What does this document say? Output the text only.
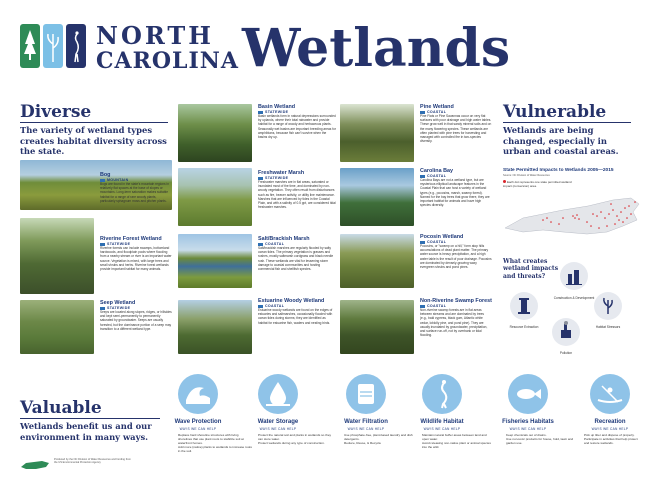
NORTH
CAROLINA Wetlands
Diverse
The variety of wetland types creates habitat diversity across the state.
Bog
MOUNTAIN
Bogs are found in the state's mountain regions in relatively flat spaces at the base of slopes or mountains. Long-term saturation makes suitable habitat for a range of rare woody plants, particularly sphagnum moss and pitcher plants.
Riverine Forest Wetland
STATEWIDE
Riverine forests can include swamps, bottomland hardwoods, and floodplain pools where flooding from a nearby stream or river is an important water source. Vegetation is mixed, with large trees and small shrubs and herbs. Riverine forest wetlands provide important habitat for many animals.
Seep Wetland
STATEWIDE
Seeps are located along slopes, ridges, or hillsides and kept semi-permanently to permanently saturated by groundwater. Seeps are usually forested, but the dominance portion of a seep may transition to a different wetland type.
Basin Wetland
STATEWIDE
Basin wetlands form in natural depressions surrounded by uplands, where their total rainwater and provide habitat for a range of woody and herbaceous plants. Seasonally wet basins are important breeding areas for amphibians, because fish can't survive when the basins dry up.
Freshwater Marsh
STATEWIDE
Freshwater marshes are in flat areas, saturated or inundated most of the time, and dominated by non-woody vegetation. They often result from disturbances such as fire, beaver activity, or utility line maintenance. Marshes that are influenced by tides in the Coastal Plain, and with a salinity of 0.5 ppt, are considered tidal freshwater marshes.
Salt/Brackish Marsh
COASTAL
Salt/brackish marshes are regularly flooded by salty ocean tides. The primary vegetation is grasses and rushes, mostly saltmarsh cordgrass and black needle rush. These wetlands are vital for lessening storm damage to coastal communities and hosting commercial fish and shellfish species.
Estuarine Woody Wetland
COASTAL
Estuarine woody wetlands are found on the edges of estuaries and saltmarshes, occasionally flooded with ocean tides during storms; they are identified as habitat for estuarine fish, waders and nesting birds.
Pine Wetland
COASTAL
Pine Flats or Pine Savannas occur on very flat surfaces with poor drainage and high water tables. These grow well in that sandy mineral soils and on the many flowering species. These wetlands are often planted with pine trees for harvesting and managed with controlled fire in two-species diversity.
Carolina Bay
COASTAL
Carolina Bays are not a wetland type, but are mysterious elliptical landscape features in the Coastal Plain that can host a variety of wetland types (e.g., pocosins, marsh, swamp forest). Named for the bay trees that grow there, they are important habitat for animals and have high species diversity.
Pocosin Wetland
COASTAL
Pocosins, or "swamp on a hill," form atop hills accumulations of dead plant matter. The primary water source is heavy precipitation, and a high water table is the result of poor drainage. Pocosins are dominated by densely-growing waxy evergreen shrubs and pond pines.
Non-Riverine Swamp Forest
COASTAL
Non-riverine swamp forests are in flat areas between streams and are dominated by trees (e.g., bald cypress, black gum, Atlantic white cedar, loblolly pine, and pond pine). They are usually inundated by groundwater, precipitation, and surface run-off, not by overbank or tidal flooding.
Vulnerable
Wetlands are being changed, especially in urban and coastal areas.
State Permitted Impacts to Wetlands 2005—2015
Source: NC Division of Water Resources
Each dot represents one state permitted wetland impact (conversion) area.
What creates wetland impacts and threats?
Construction & Development
Resource Extraction	Habitat Stressors
Pollution
Valuable
Wetlands benefit us and our environment in many ways.
Wave Protection	Water Storage	Water Filtration	Wildlife Habitat	Fisheries Habitats	Recreation
WAYS WE CAN HELP	WAYS WE CAN HELP	WAYS WE CAN HELP	WAYS WE CAN HELP	WAYS WE CAN HELP	WAYS WE CAN HELP
Replace hard shoreline structures with living shorelines that use plant roots to stabilize soil at waterfront homes.
Add more (native) plants to wetlands to increase roots in the soil.
Protect the natural soil and plants in wetlands so they can store water.
Protect wetlands during any type of construction.
Use phosphate-free, plant-based laundry and dish detergents.
Reduce, Reuse, & Recycle
Maintain natural buffer areas between land and open water.
Avoid releasing non-native plant or animal species into the wild.
Keep chemicals out of drains.
Use non-toxic products for house, hold, lawn and garden use.
Pick up litter and dispose of properly.
Participate in activities that help protect and restore wetlands.
NC Wetlands	Produced by the NC Division of Water Resources and funding from
the US Environmental Protection Agency
